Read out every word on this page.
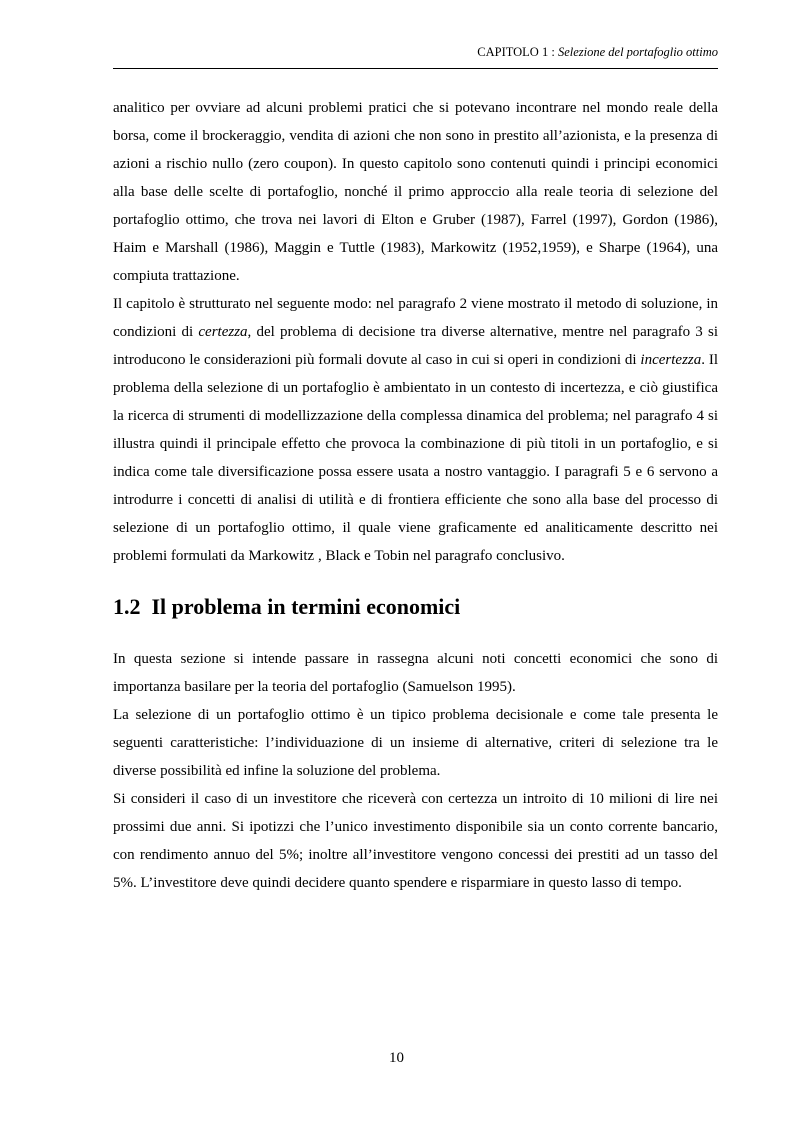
CAPITOLO 1 : Selezione del portafoglio ottimo

analitico per ovviare ad alcuni problemi pratici che si potevano incontrare nel mondo reale della borsa, come il brockeraggio, vendita di azioni che non sono in prestito all’azionista, e la presenza di azioni a rischio nullo (zero coupon). In questo capitolo sono contenuti quindi i principi economici alla base delle scelte di portafoglio, nonché il primo approccio alla reale teoria di selezione del portafoglio ottimo, che trova nei lavori di Elton e Gruber (1987), Farrel (1997), Gordon (1986), Haim e Marshall (1986), Maggin e Tuttle (1983), Markowitz (1952,1959), e Sharpe (1964), una compiuta trattazione.

Il capitolo è strutturato nel seguente modo: nel paragrafo 2 viene mostrato il metodo di soluzione, in condizioni di certezza, del problema di decisione tra diverse alternative, mentre nel paragrafo 3 si introducono le considerazioni più formali dovute al caso in cui si operi in condizioni di incertezza. Il problema della selezione di un portafoglio è ambientato in un contesto di incertezza, e ciò giustifica la ricerca di strumenti di modellizzazione della complessa dinamica del problema; nel paragrafo 4 si illustra quindi il principale effetto che provoca la combinazione di più titoli in un portafoglio, e si indica come tale diversificazione possa essere usata a nostro vantaggio. I paragrafi 5 e 6 servono a introdurre i concetti di analisi di utilità e di frontiera efficiente che sono alla base del processo di selezione di un portafoglio ottimo, il quale viene graficamente ed analiticamente descritto nei problemi formulati da Markowitz , Black e Tobin nel paragrafo conclusivo.

1.2 Il problema in termini economici

In questa sezione si intende passare in rassegna alcuni noti concetti economici che sono di importanza basilare per la teoria del portafoglio (Samuelson 1995).

La selezione di un portafoglio ottimo è un tipico problema decisionale e come tale presenta le seguenti caratteristiche: l’individuazione di un insieme di alternative, criteri di selezione tra le diverse possibilità ed infine la soluzione del problema.

Si consideri il caso di un investitore che riceverà con certezza un introito di 10 milioni di lire nei prossimi due anni. Si ipotizzi che l’unico investimento disponibile sia un conto corrente bancario, con rendimento annuo del 5%; inoltre all’investitore vengono concessi dei prestiti ad un tasso del 5%. L’investitore deve quindi decidere quanto spendere e risparmiare in questo lasso di tempo.

10
